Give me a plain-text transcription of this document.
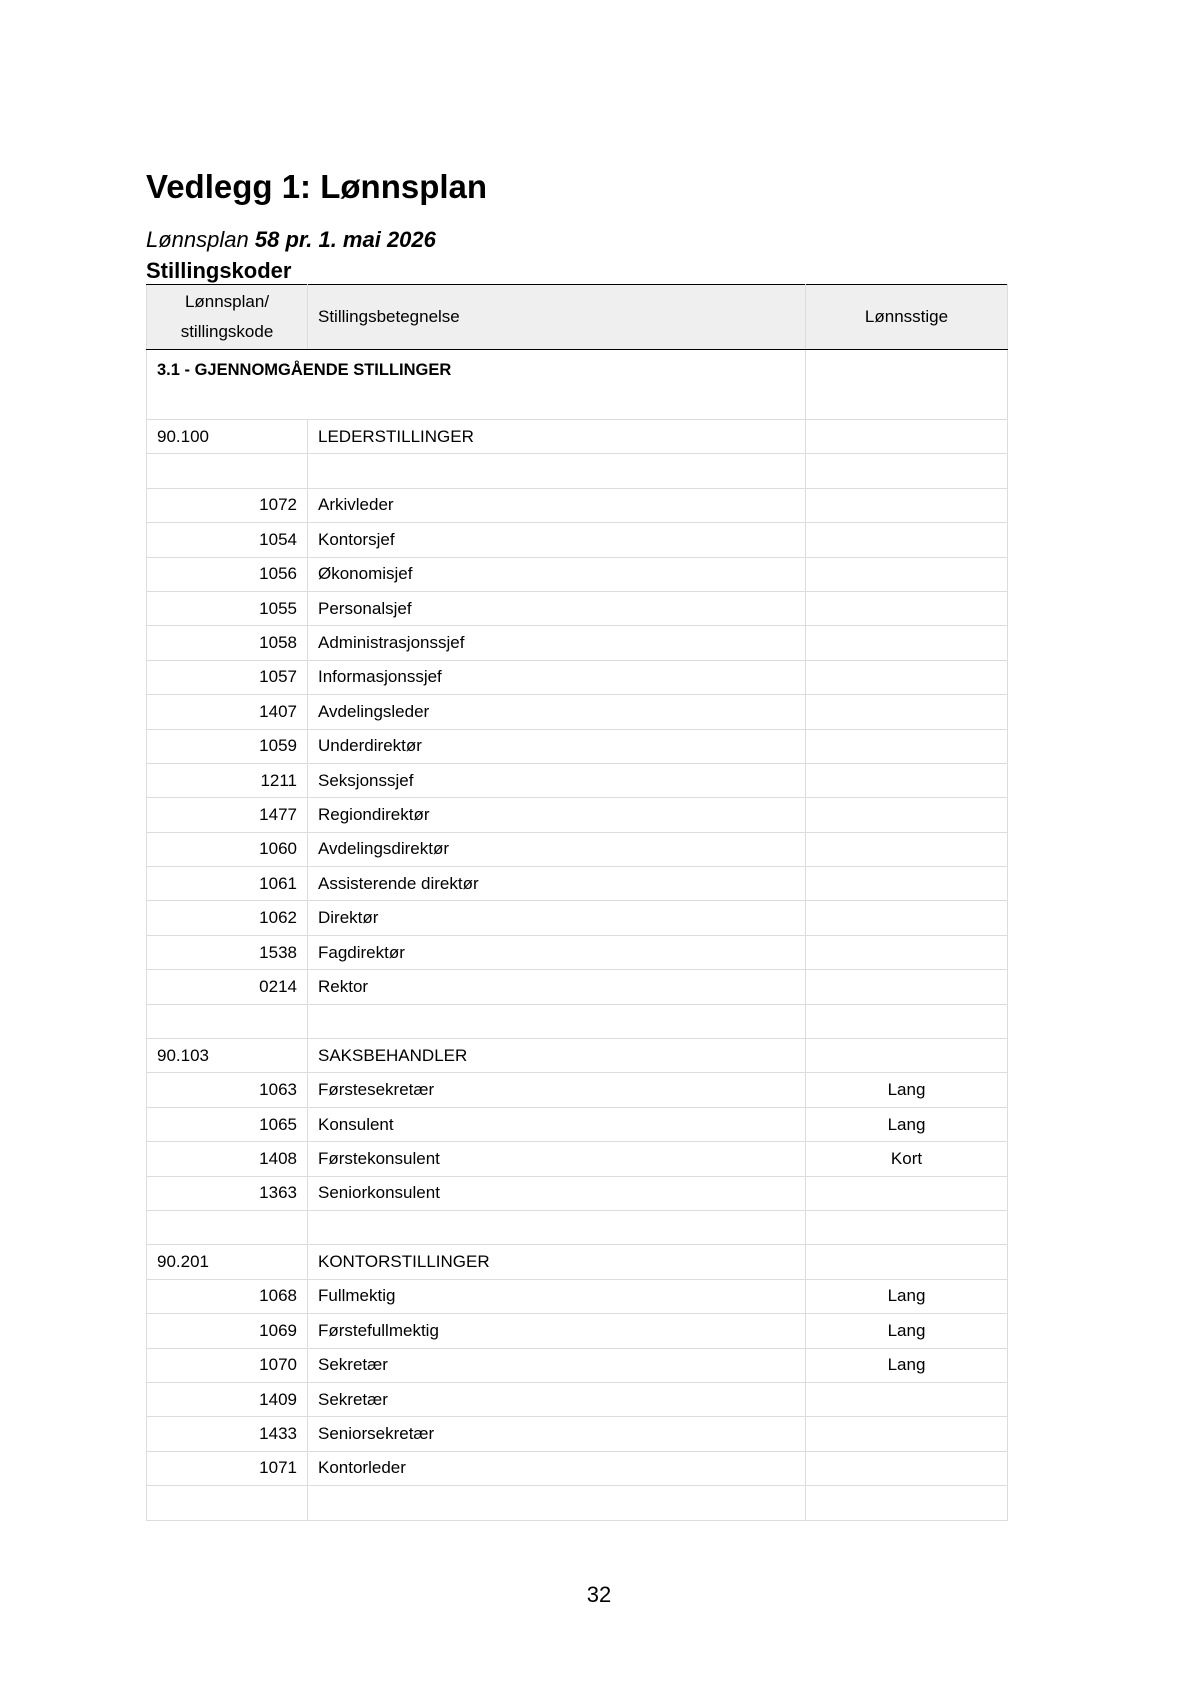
Vedlegg 1: Lønnsplan

Lønnsplan 58 pr. 1. mai 2026

Stillingskoder
Lønnsplan/
stillingskode	Stillingsbetegnelse	Lønnsstige
3.1 - GJENNOMGÅENDE STILLINGER		
90.100	LEDERSTILLINGER	

1072	Arkivleder	
1054	Kontorsjef	
1056	Økonomisjef	
1055	Personalsjef	
1058	Administrasjonssjef	
1057	Informasjonssjef	
1407	Avdelingsleder	
1059	Underdirektør	
1211	Seksjonssjef	
1477	Regiondirektør	
1060	Avdelingsdirektør	
1061	Assisterende direktør	
1062	Direktør	
1538	Fagdirektør	
0214	Rektor	

90.103	SAKSBEHANDLER	
1063	Førstesekretær	Lang
1065	Konsulent	Lang
1408	Førstekonsulent	Kort
1363	Seniorkonsulent	

90.201	KONTORSTILLINGER	
1068	Fullmektig	Lang
1069	Førstefullmektig	Lang
1070	Sekretær	Lang
1409	Sekretær	
1433	Seniorsekretær	
1071	Kontorleder	

32
